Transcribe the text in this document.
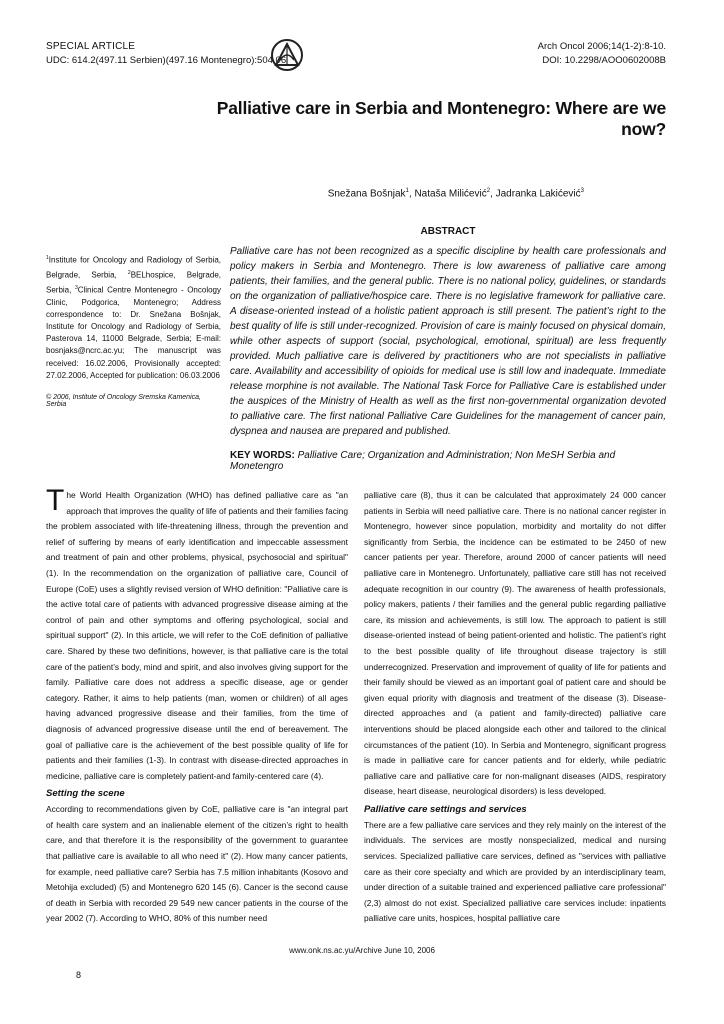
SPECIAL ARTICLE
UDC: 614.2(497.11 Serbien)(497.16 Montenegro):504.06
Arch Oncol 2006;14(1-2):8-10.
DOI: 10.2298/AOO0602008B
Palliative care in Serbia and Montenegro: Where are we now?
Snežana Bošnjak$^1$, Nataša Milićević$^2$, Jadranka Lakićević$^3$
ABSTRACT

Palliative care has not been recognized as a specific discipline by health care professionals and policy makers in Serbia and Montenegro. There is low awareness of palliative care among patients, their families, and the general public. There is no national policy, guidelines, or standards on the organization of palliative/hospice care. There is no legislative framework for palliative care. A disease-oriented instead of a holistic patient approach is still present. The patient’s right to the best quality of life is still under-recognized. Provision of care is mainly focused on physical domain, while other aspects of support (social, psychological, emotional, spiritual) are less frequently provided. Much palliative care is delivered by practitioners who are not specialists in palliative care. Availability and accessibility of opioids for medical use is still low and inadequate. Immediate release morphine is not available. The National Task Force for Palliative Care is established under the auspices of the Ministry of Health as well as the first non-governmental organization devoted to palliative care. The first national Palliative Care Guidelines for the management of cancer pain, dyspnea and nausea are prepared and published.

KEY WORDS: Palliative Care; Organization and Administration; Non MeSH Serbia and Monetengro

$^1$Institute for Oncology and Radiology of Serbia, Belgrade, Serbia, $^2$BELhospice, Belgrade, Serbia, $^3$Clinical Centre Montenegro - Oncology Clinic, Podgorica, Montenegro; Address correspondence to: Dr. Snežana Bošnjak, Institute for Oncology and Radiology of Serbia, Pasterova 14, 11000 Belgrade, Serbia; E-mail: bosnjaks@ncrc.ac.yu; The manuscript was received: 16.02.2006, Provisionally accepted: 27.02.2006, Accepted for publication: 06.03.2006

© 2006, Institute of Oncology Sremska Kamenica, Serbia

The World Health Organization (WHO) has defined palliative care as "an approach that improves the quality of life of patients and their families facing the problem associated with life-threatening illness, through the prevention and relief of suffering by means of early identification and impeccable assessment and treatment of pain and other problems, physical, psychosocial and spiritual" (1). In the recommendation on the organization of palliative care, Council of Europe (CoE) uses a slightly revised version of WHO definition: "Palliative care is the active total care of patients with advanced progressive disease aiming at the control of pain and other symptoms and offering psychological, social and spiritual support" (2). In this article, we will refer to the CoE definition of palliative care. Shared by these two definitions, however, is that palliative care is the total care of the patient’s body, mind and spirit, and also involves giving support for the family. Palliative care does not address a specific disease, age or gender category. Rather, it aims to help patients (man, women or children) of all ages having advanced progressive disease and their families, from the time of diagnosis of advanced progressive disease until the end of bereavement. The goal of palliative care is the achievement of the best possible quality of life for patients and their families (1-3). In contrast with disease-directed approaches in medicine, palliative care is completely patient-and family-centered care (4).

Setting the scene

According to recommendations given by CoE, palliative care is "an integral part of health care system and an inalienable element of the citizen’s right to health care, and that therefore it is the responsibility of the government to guarantee that palliative care is available to all who need it" (2). How many cancer patients, for example, need palliative care? Serbia has 7.5 million inhabitants (Kosovo and Metohija excluded) (5) and Montenegro 620 145 (6). Cancer is the second cause of death in Serbia with recorded 29 549 new cancer patients in the course of the year 2002 (7). According to WHO, 80% of this number need

palliative care (8), thus it can be calculated that approximately 24 000 cancer patients in Serbia will need palliative care. There is no national cancer register in Montenegro, however since population, morbidity and mortality do not differ significantly from Serbia, the incidence can be estimated to be 2450 of new cancer patients per year. Therefore, around 2000 of cancer patients will need palliative care in Montenegro. Unfortunately, palliative care still has not received adequate recognition in our country (9). The awareness of health professionals, policy makers, patients / their families and the general public regarding palliative care, its mission and achievements, is still low. The approach to patient is still disease-oriented instead of being patient-oriented and holistic. The patient’s right to the best possible quality of life throughout disease trajectory is still underrecognized. Preservation and improvement of quality of life for patients and their family should be viewed as an important goal of patient care and should be given equal priority with diagnosis and treatment of the disease (3). Disease-directed approaches and (a patient and family-directed) palliative care interventions should be placed alongside each other and tailored to the clinical circumstances of the patient (10). In Serbia and Montenegro, significant progress is made in palliative care for cancer patients and for elderly, while pediatric palliative care and palliative care for non-malignant diseases (AIDS, respiratory disease, heart disease, neurological disorders) is less developed.

Palliative care settings and services

There are a few palliative care services and they rely mainly on the interest of the individuals. The services are mostly nonspecialized, medical and nursing services. Specialized palliative care services, defined as "services with palliative care as their core specialty and which are provided by an interdisciplinary team, under direction of a suitable trained and experienced palliative care professional" (2,3) almost do not exist. Specialized palliative care services include: inpatients palliative care units, hospices, hospital palliative care

www.onk.ns.ac.yu/Archive June 10, 2006
8
